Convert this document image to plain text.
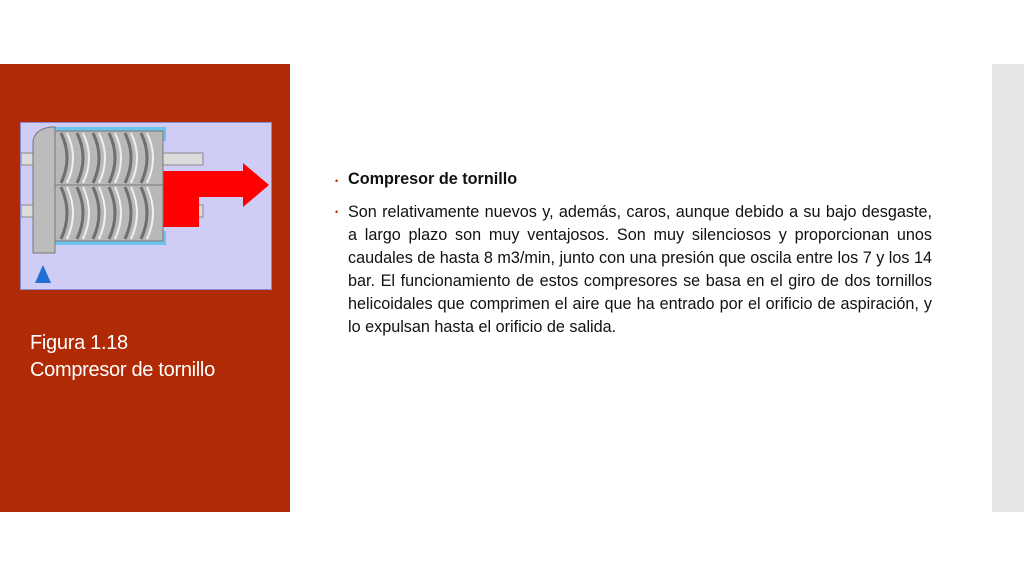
Figura 1.18
Compresor de tornillo
• Compresor de tornillo
• Son relativamente nuevos y, además, caros, aunque debido a su bajo desgaste, a largo plazo son muy ventajosos. Son muy silenciosos y proporcionan unos caudales de hasta 8 m3/min, junto con una presión que oscila entre los 7 y los 14 bar. El funcionamiento de estos compresores se basa en el giro de dos tornillos helicoidales que comprimen el aire que ha entrado por el orificio de aspiración, y lo expulsan hasta el orificio de salida.
